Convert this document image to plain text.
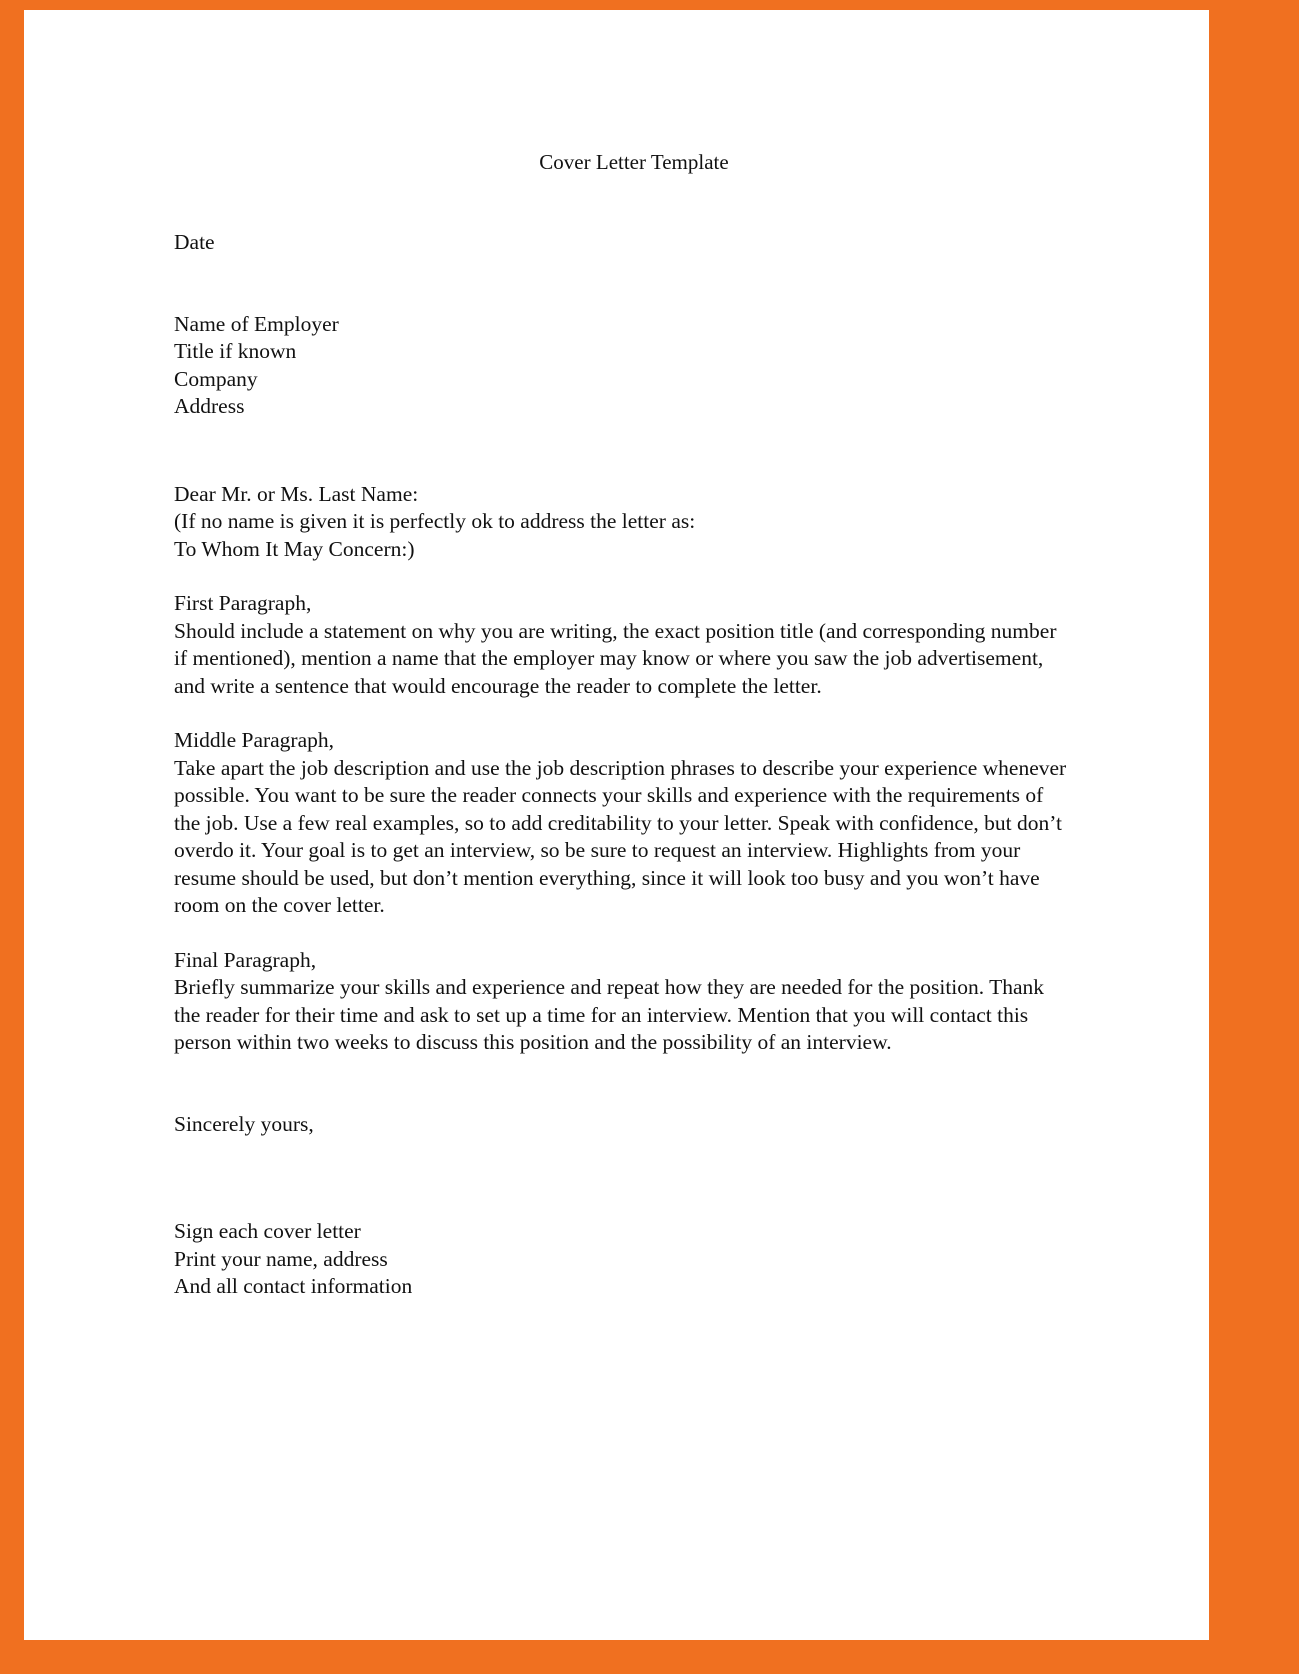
Cover Letter Template
Date
Name of Employer
Title if known
Company
Address
Dear Mr. or Ms. Last Name:
(If no name is given it is perfectly ok to address the letter as:
To Whom It May Concern:)
First Paragraph,
Should include a statement on why you are writing, the exact position title (and corresponding number if mentioned), mention a name that the employer may know or where you saw the job advertisement, and write a sentence that would encourage the reader to complete the letter.
Middle Paragraph,
Take apart the job description and use the job description phrases to describe your experience whenever possible. You want to be sure the reader connects your skills and experience with the requirements of the job. Use a few real examples, so to add creditability to your letter. Speak with confidence, but don’t overdo it. Your goal is to get an interview, so be sure to request an interview. Highlights from your resume should be used, but don’t mention everything, since it will look too busy and you won’t have room on the cover letter.
Final Paragraph,
Briefly summarize your skills and experience and repeat how they are needed for the position. Thank the reader for their time and ask to set up a time for an interview. Mention that you will contact this person within two weeks to discuss this position and the possibility of an interview.
Sincerely yours,
Sign each cover letter
Print your name, address
And all contact information
